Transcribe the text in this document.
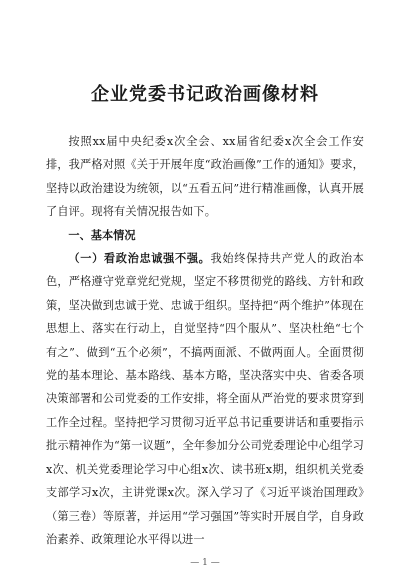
企业党委书记政治画像材料

按照xx届中央纪委x次全会、xx届省纪委x次全会工作安排，我严格对照《关于开展年度“政治画像”工作的通知》要求，坚持以政治建设为统领，以“五看五问”进行精准画像，认真开展了自评。现将有关情况报告如下。

一、基本情况

（一）看政治忠诚强不强。我始终保持共产党人的政治本色，严格遵守党章党纪党规，坚定不移贯彻党的路线、方针和政策，坚决做到忠诚于党、忠诚于组织。坚持把“两个维护”体现在思想上、落实在行动上，自觉坚持“四个服从”、坚决杜绝“七个有之”、做到“五个必须”，不搞两面派、不做两面人。全面贯彻党的基本理论、基本路线、基本方略，坚决落实中央、省委各项决策部署和公司党委的工作安排，将全面从严治党的要求贯穿到工作全过程。坚持把学习贯彻习近平总书记重要讲话和重要指示批示精神作为“第一议题”，全年参加分公司党委理论中心组学习x次、机关党委理论学习中心组x次、读书班x期，组织机关党委支部学习x次，主讲党课x次。深入学习了《习近平谈治国理政》（第三卷）等原著，并运用“学习强国”等实时开展自学，自身政治素养、政策理论水平得以进一

— 1 —
